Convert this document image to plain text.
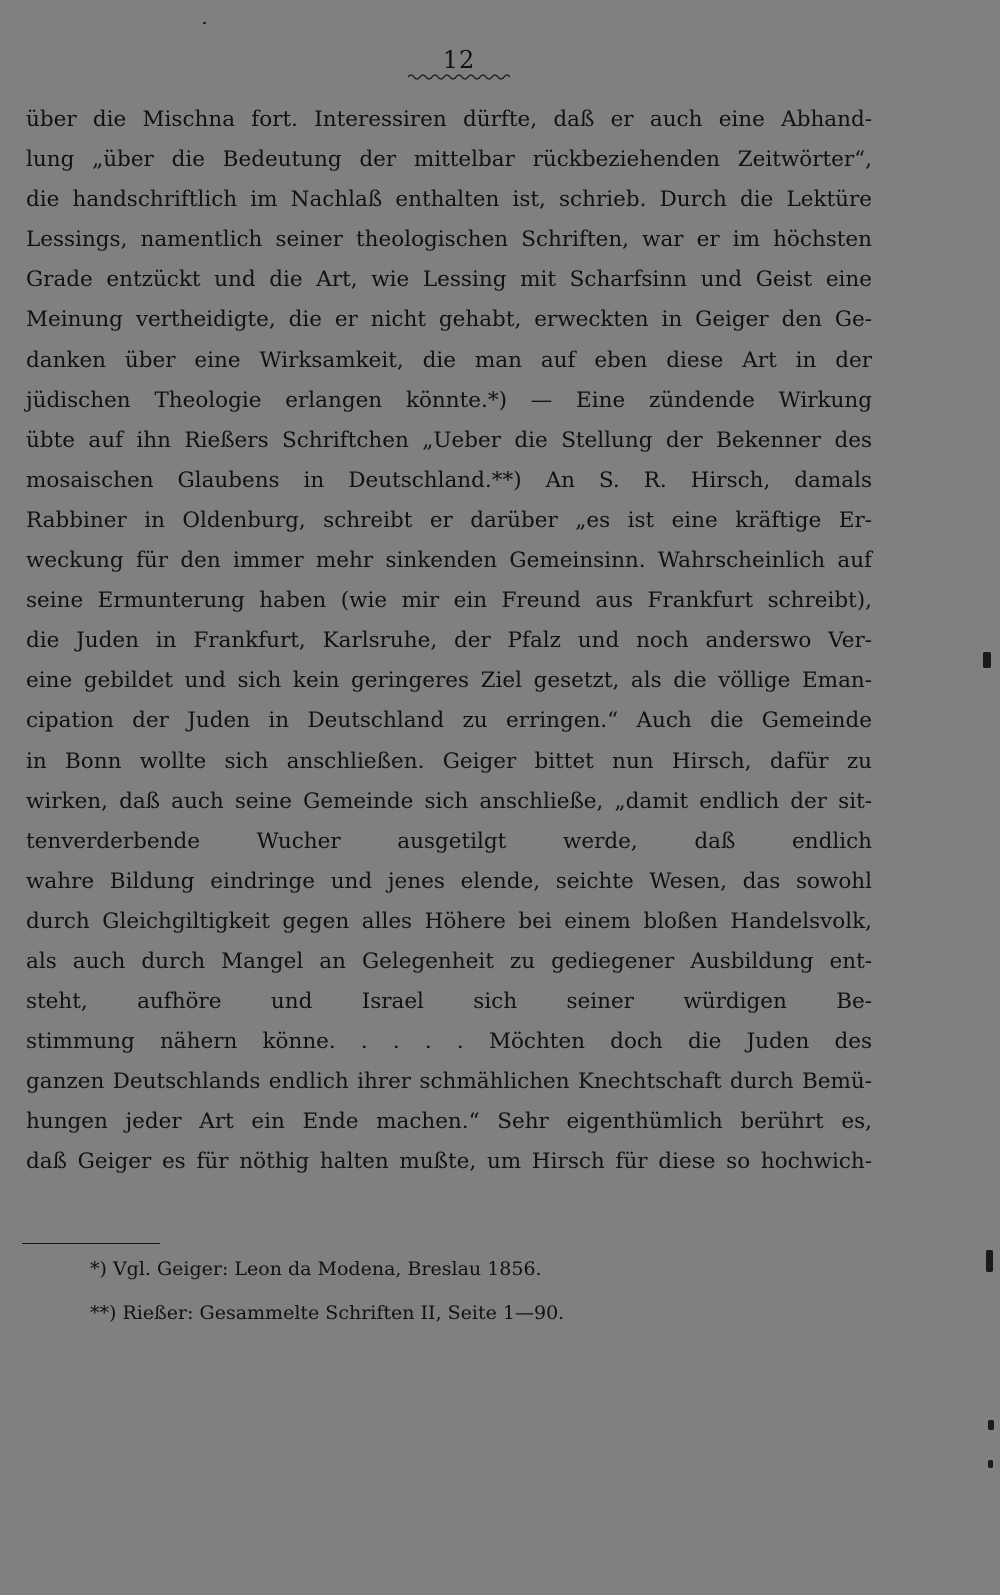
12
über die Mischna fort. Interessiren dürfte, daß er auch eine Abhand-
lung „über die Bedeutung der mittelbar rückbeziehenden Zeitwörter“,
die handschriftlich im Nachlaß enthalten ist, schrieb. Durch die Lektüre
Lessings, namentlich seiner theologischen Schriften, war er im höchsten
Grade entzückt und die Art, wie Lessing mit Scharfsinn und Geist eine
Meinung vertheidigte, die er nicht gehabt, erweckten in Geiger den Ge-
danken über eine Wirksamkeit, die man auf eben diese Art in der
jüdischen Theologie erlangen könnte.*) — Eine zündende Wirkung
übte auf ihn Rießers Schriftchen „Ueber die Stellung der Bekenner des
mosaischen Glaubens in Deutschland.**) An S. R. Hirsch, damals
Rabbiner in Oldenburg, schreibt er darüber „es ist eine kräftige Er-
weckung für den immer mehr sinkenden Gemeinsinn. Wahrscheinlich auf
seine Ermunterung haben (wie mir ein Freund aus Frankfurt schreibt),
die Juden in Frankfurt, Karlsruhe, der Pfalz und noch anderswo Ver-
eine gebildet und sich kein geringeres Ziel gesetzt, als die völlige Eman-
cipation der Juden in Deutschland zu erringen.“ Auch die Gemeinde
in Bonn wollte sich anschließen. Geiger bittet nun Hirsch, dafür zu
wirken, daß auch seine Gemeinde sich anschließe, „damit endlich der sit-
tenverderbende Wucher ausgetilgt werde, daß endlich
wahre Bildung eindringe und jenes elende, seichte Wesen, das sowohl
durch Gleichgiltigkeit gegen alles Höhere bei einem bloßen Handelsvolk,
als auch durch Mangel an Gelegenheit zu gediegener Ausbildung ent-
steht, aufhöre und Israel sich seiner würdigen Be-
stimmung nähern könne. . . . . Möchten doch die Juden des
ganzen Deutschlands endlich ihrer schmählichen Knechtschaft durch Bemü-
hungen jeder Art ein Ende machen.“ Sehr eigenthümlich berührt es,
daß Geiger es für nöthig halten mußte, um Hirsch für diese so hochwich-
*) Vgl. Geiger: Leon da Modena, Breslau 1856.
**) Rießer: Gesammelte Schriften II, Seite 1—90.
